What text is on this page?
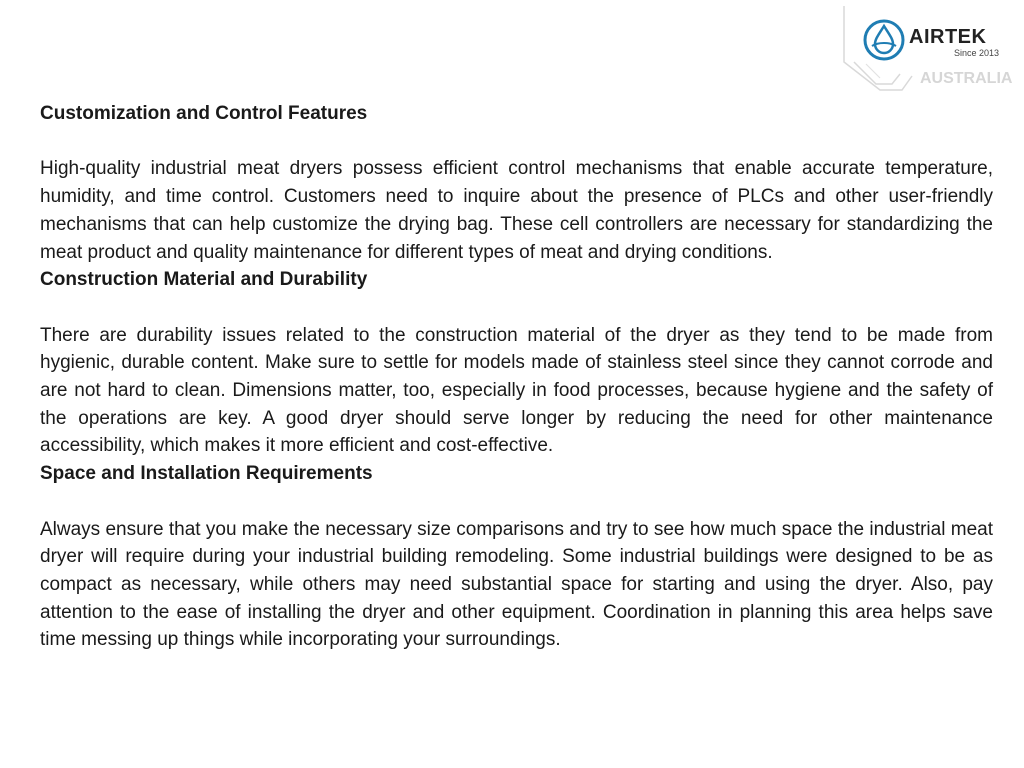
AIRTEK
Since 2013
AUSTRALIA

Customization and Control Features

High-quality industrial meat dryers possess efficient control mechanisms that enable accurate temperature, humidity, and time control. Customers need to inquire about the presence of PLCs and other user-friendly mechanisms that can help customize the drying bag. These cell controllers are necessary for standardizing the meat product and quality maintenance for different types of meat and drying conditions.

Construction Material and Durability

There are durability issues related to the construction material of the dryer as they tend to be made from hygienic, durable content. Make sure to settle for models made of stainless steel since they cannot corrode and are not hard to clean. Dimensions matter, too, especially in food processes, because hygiene and the safety of the operations are key. A good dryer should serve longer by reducing the need for other maintenance accessibility, which makes it more efficient and cost-effective.

Space and Installation Requirements

Always ensure that you make the necessary size comparisons and try to see how much space the industrial meat dryer will require during your industrial building remodeling. Some industrial buildings were designed to be as compact as necessary, while others may need substantial space for starting and using the dryer. Also, pay attention to the ease of installing the dryer and other equipment. Coordination in planning this area helps save time messing up things while incorporating your surroundings.
